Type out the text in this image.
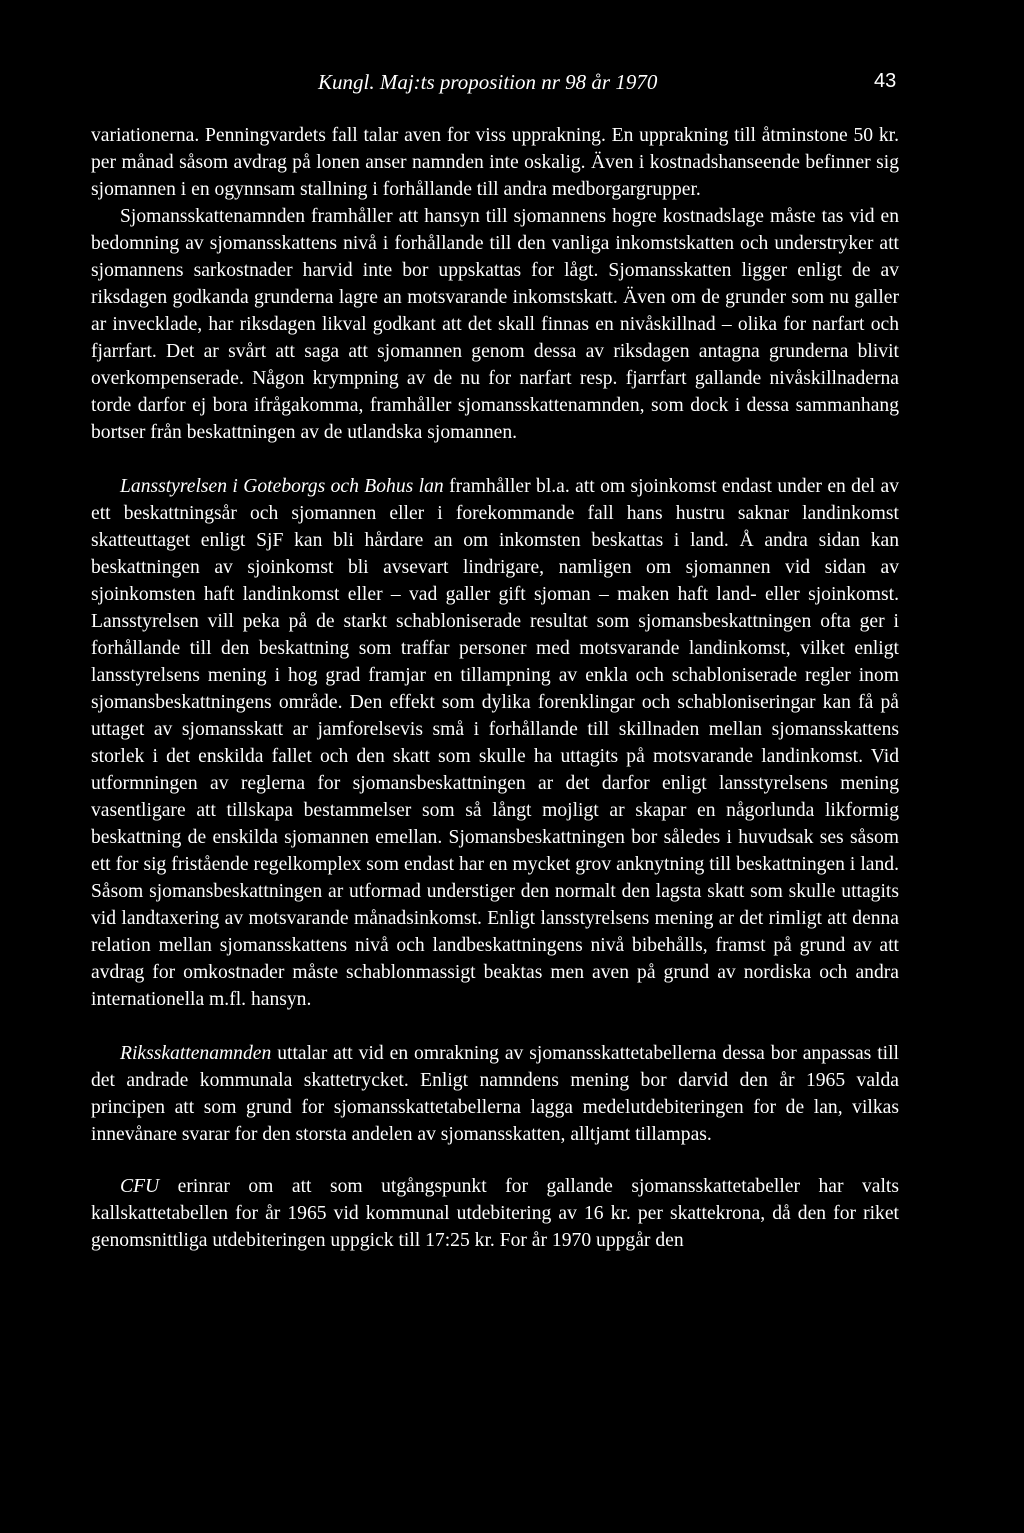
Kungl. Maj:ts proposition nr 98 år 1970	43

variationerna. Penningvardets fall talar aven for viss upprakning. En upprakning till åtminstone 50 kr. per månad såsom avdrag på lonen anser namnden inte oskalig. Även i kostnadshanseende befinner sig sjomannen i en ogynnsam stallning i forhållande till andra medborgargrupper.

Sjomansskattenamnden framhåller att hansyn till sjomannens hogre kostnadslage måste tas vid en bedomning av sjomansskattens nivå i forhållande till den vanliga inkomstskatten och understryker att sjomannens sarkostnader harvid inte bor uppskattas for lågt. Sjomansskatten ligger enligt de av riksdagen godkanda grunderna lagre an motsvarande inkomstskatt. Även om de grunder som nu galler ar invecklade, har riksdagen likval godkant att det skall finnas en nivåskillnad – olika for narfart och fjarrfart. Det ar svårt att saga att sjomannen genom dessa av riksdagen antagna grunderna blivit overkompenserade. Någon krympning av de nu for narfart resp. fjarrfart gallande nivåskillnaderna torde darfor ej bora ifrågakomma, framhåller sjomansskattenamnden, som dock i dessa sammanhang bortser från beskattningen av de utlandska sjomannen.

Lansstyrelsen i Goteborgs och Bohus lan framhåller bl.a. att om sjoinkomst endast under en del av ett beskattningsår och sjomannen eller i forekommande fall hans hustru saknar landinkomst skatteuttaget enligt SjF kan bli hårdare an om inkomsten beskattas i land. Å andra sidan kan beskattningen av sjoinkomst bli avsevart lindrigare, namligen om sjomannen vid sidan av sjoinkomsten haft landinkomst eller – vad galler gift sjoman – maken haft land- eller sjoinkomst. Lansstyrelsen vill peka på de starkt schabloniserade resultat som sjomansbeskattningen ofta ger i forhållande till den beskattning som traffar personer med motsvarande landinkomst, vilket enligt lansstyrelsens mening i hog grad framjar en tillampning av enkla och schabloniserade regler inom sjomansbeskattningens område. Den effekt som dylika forenklingar och schabloniseringar kan få på uttaget av sjomansskatt ar jamforelsevis små i forhållande till skillnaden mellan sjomansskattens storlek i det enskilda fallet och den skatt som skulle ha uttagits på motsvarande landinkomst. Vid utformningen av reglerna for sjomansbeskattningen ar det darfor enligt lansstyrelsens mening vasentligare att tillskapa bestammelser som så långt mojligt ar skapar en någorlunda likformig beskattning de enskilda sjomannen emellan. Sjomansbeskattningen bor således i huvudsak ses såsom ett for sig fristående regelkomplex som endast har en mycket grov anknytning till beskattningen i land. Såsom sjomansbeskattningen ar utformad understiger den normalt den lagsta skatt som skulle uttagits vid landtaxering av motsvarande månadsinkomst. Enligt lansstyrelsens mening ar det rimligt att denna relation mellan sjomansskattens nivå och landbeskattningens nivå bibehålls, framst på grund av att avdrag for omkostnader måste schablonmassigt beaktas men aven på grund av nordiska och andra internationella m.fl. hansyn.

Riksskattenamnden uttalar att vid en omrakning av sjomansskattetabellerna dessa bor anpassas till det andrade kommunala skattetrycket. Enligt namndens mening bor darvid den år 1965 valda principen att som grund for sjomansskattetabellerna lagga medelutdebiteringen for de lan, vilkas innevånare svarar for den storsta andelen av sjomansskatten, alltjamt tillampas.

CFU erinrar om att som utgångspunkt for gallande sjomansskattetabeller har valts kallskattetabellen for år 1965 vid kommunal utdebitering av 16 kr. per skattekrona, då den for riket genomsnittliga utdebiteringen uppgick till 17:25 kr. For år 1970 uppgår den
